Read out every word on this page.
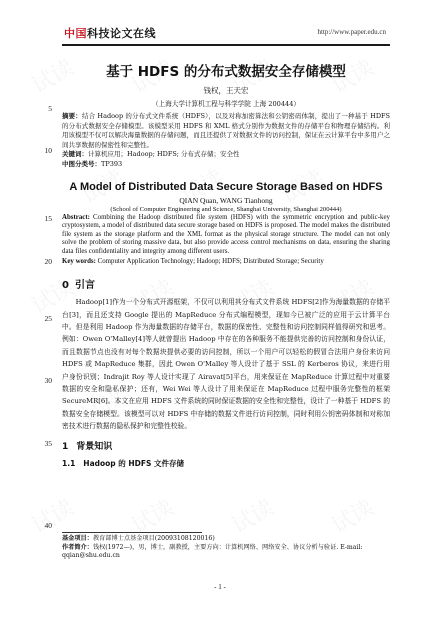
中国科技论文在线	http://www.paper.edu.cn
5
10
15
20
25
30
35
40
基于 HDFS 的分布式数据安全存储模型
钱权，王天宏
（上海大学计算机工程与科学学院 上海 200444）

摘要：结合 Hadoop 的分布式文件系统（HDFS），以及对称加密算法和公钥密码体制，提出了一种基于 HDFS 的分布式数据安全存储模型。该模型采用 HDFS 和 XML 格式分别作为数据文件的存储平台和物理存储结构。利用该模型不仅可以解决海量数据的存储问题，而且还提供了对数据文件的访问控制，保证在云计算平台中多用户之间共享数据的保密性和完整性。

关键词：计算机应用；Hadoop; HDFS; 分布式存储；安全性

中图分类号：TP393

A Model of Distributed Data Secure Storage Based on HDFS
QIAN Quan, WANG Tianhong
(School of Computer Engineering and Science, Shanghai University, Shanghai 200444)

Abstract: Combining the Hadoop distributed file system (HDFS) with the symmetric encryption and public-key cryptosystem, a model of distributed data secure storage based on HDFS is proposed. The model makes the distributed file system as the storage platform and the XML format as the physical storage structure. The model can not only solve the problem of storing massive data, but also provide access control mechanisms on data, ensuring the sharing data files confidentiality and integrity among different users.

Key words: Computer Application Technology; Hadoop; HDFS; Distributed Storage; Security

0 引言

Hadoop[1]作为一个分布式开源框架，不仅可以利用其分布式文件系统 HDFS[2]作为海量数据的存储平台[3]，而且还支持 Google 提出的 MapReduce 分布式编程模型，现如今已被广泛的应用于云计算平台中。但是利用 Hadoop 作为海量数据的存储平台，数据的保密性、完整性和访问控制同样值得研究和思考。例如：Owen O'Malley[4]等人就曾提出 Hadoop 中存在的各种服务不能提供完善的访问控制和身份认证，而且数据节点也没有对每个数据块提供必要的访问控制，所以一个用户可以轻松的假冒合法用户身份来访问 HDFS 或 MapReduce 集群，因此 Owen O'Malley 等人设计了基于 SSL 的 Kerberos 协议，来进行用户身份识别；Indrajit Roy 等人设计实现了 Airavat[5]平台，用来保证在 MapReduce 计算过程中对重要数据的安全和隐私保护；还有，Wei Wei 等人设计了用来保证在 MapReduce 过程中服务完整性的框架 SecureMR[6]。本文在应用 HDFS 文件系统的同时保证数据的安全性和完整性，设计了一种基于 HDFS 的数据安全存储模型。该模型可以对 HDFS 中存储的数据文件进行访问控制，同时利用公钥密码体制和对称加密技术进行数据的隐私保护和完整性校验。

1 背景知识
1.1 Hadoop 的 HDFS 文件存储

基金项目：教育部博士点基金项目(20093108120016)

作者简介：钱权(1972—)，男，博士，副教授，主要方向：计算机网络、网络安全、协议分析与验证. E-mail: qqian@shu.edu.cn

- 1 -
